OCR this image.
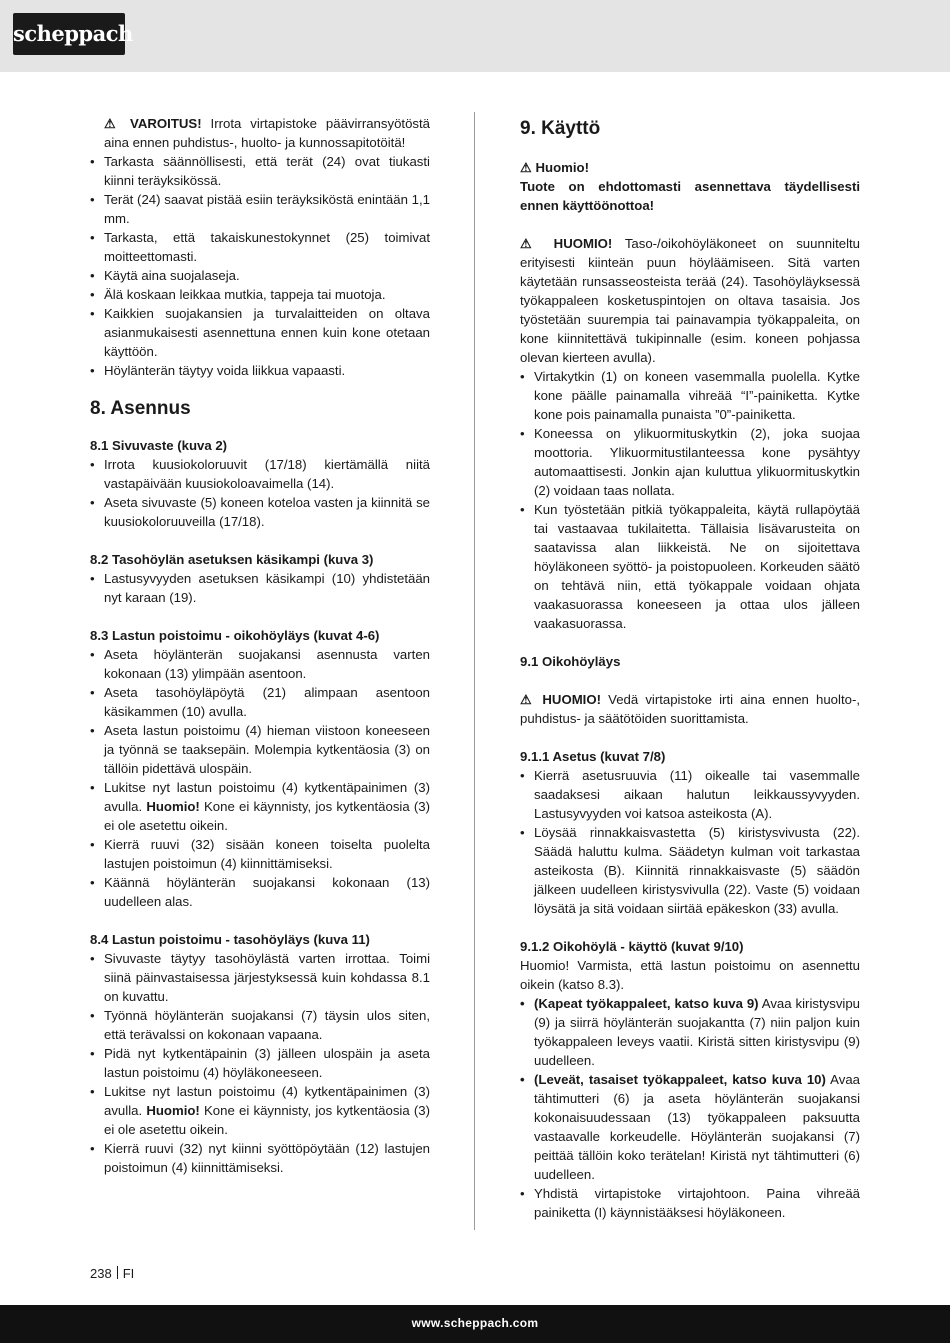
scheppach

⚠ VAROITUS! Irrota virtapistoke päävirransyötöstä aina ennen puhdistus-, huolto- ja kunnossapitotöitä!

• Tarkasta säännöllisesti, että terät (24) ovat tiukasti kiinni teräyksikössä.
• Terät (24) saavat pistää esiin teräyksiköstä enintään 1,1 mm.
• Tarkasta, että takaiskunestokynnet (25) toimivat moitteettomasti.
• Käytä aina suojalaseja.
• Älä koskaan leikkaa mutkia, tappeja tai muotoja.
• Kaikkien suojakansien ja turvalaitteiden on oltava asianmukaisesti asennettuna ennen kuin kone otetaan käyttöön.
• Höylänterän täytyy voida liikkua vapaasti.
8. Asennus

8.1 Sivuvaste (kuva 2)

• Irrota kuusiokoloruuvit (17/18) kiertämällä niitä vastapäivään kuusiokoloavaimella (14).
• Aseta sivuvaste (5) koneen koteloa vasten ja kiinnitä se kuusiokoloruuveilla (17/18).

8.2 Tasohöylän asetuksen käsikampi (kuva 3)

• Lastusyvyyden asetuksen käsikampi (10) yhdistetään nyt karaan (19).

8.3 Lastun poistoimu - oikohöyläys (kuvat 4-6)

• Aseta höylänterän suojakansi asennusta varten kokonaan (13) ylimpään asentoon.
• Aseta tasohöyläpöytä (21) alimpaan asentoon käsikammen (10) avulla.
• Aseta lastun poistoimu (4) hieman viistoon koneeseen ja työnnä se taaksepäin. Molempia kytkentäosia (3) on tällöin pidettävä ulospäin.
• Lukitse nyt lastun poistoimu (4) kytkentäpainimen (3) avulla. Huomio! Kone ei käynnisty, jos kytkentäosia (3) ei ole asetettu oikein.
• Kierrä ruuvi (32) sisään koneen toiselta puolelta lastujen poistoimun (4) kiinnittämiseksi.
• Käännä höylänterän suojakansi kokonaan (13) uudelleen alas.

8.4 Lastun poistoimu - tasohöyläys (kuva 11)

• Sivuvaste täytyy tasohöylästä varten irrottaa. Toimi siinä päinvastaisessa järjestyksessä kuin kohdassa 8.1 on kuvattu.
• Työnnä höylänterän suojakansi (7) täysin ulos siten, että terävalssi on kokonaan vapaana.
• Pidä nyt kytkentäpainin (3) jälleen ulospäin ja aseta lastun poistoimu (4) höyläkoneeseen.
• Lukitse nyt lastun poistoimu (4) kytkentäpainimen (3) avulla. Huomio! Kone ei käynnisty, jos kytkentäosia (3) ei ole asetettu oikein.
• Kierrä ruuvi (32) nyt kiinni syöttöpöytään (12) lastujen poistoimun (4) kiinnittämiseksi.
9. Käyttö

⚠ Huomio!

Tuote on ehdottomasti asennettava täydellisesti ennen käyttöönottoa!

⚠ HUOMIO! Taso-/oikohöyläkoneet on suunniteltu erityisesti kiinteän puun höyläämiseen. Sitä varten käytetään runsasseosteista terää (24). Tasohöyläyksessä työkappaleen kosketuspintojen on oltava tasaisia. Jos työstetään suurempia tai painavampia työkappaleita, on kone kiinnitettävä tukipinnalle (esim. koneen pohjassa olevan kierteen avulla).

• Virtakytkin (1) on koneen vasemmalla puolella. Kytke kone päälle painamalla vihreää “I”-painiketta. Kytke kone pois painamalla punaista ”0”-painiketta.
• Koneessa on ylikuormituskytkin (2), joka suojaa moottoria. Ylikuormitustilanteessa kone pysähtyy automaattisesti. Jonkin ajan kuluttua ylikuormituskytkin (2) voidaan taas nollata.
• Kun työstetään pitkiä työkappaleita, käytä rullapöytää tai vastaavaa tukilaitetta. Tällaisia lisävarusteita on saatavissa alan liikkeistä. Ne on sijoitettava höyläkoneen syöttö- ja poistopuoleen. Korkeuden säätö on tehtävä niin, että työkappale voidaan ohjata vaakasuorassa koneeseen ja ottaa ulos jälleen vaakasuorassa.

9.1 Oikohöyläys

⚠ HUOMIO! Vedä virtapistoke irti aina ennen huolto-, puhdistus- ja säätötöiden suorittamista.

9.1.1 Asetus (kuvat 7/8)

• Kierrä asetusruuvia (11) oikealle tai vasemmalle saadaksesi aikaan halutun leikkaussyvyyden. Lastusyvyyden voi katsoa asteikosta (A).
• Löysää rinnakkaisvastetta (5) kiristysvivusta (22). Säädä haluttu kulma. Säädetyn kulman voit tarkastaa asteikosta (B). Kiinnitä rinnakkaisvaste (5) säädön jälkeen uudelleen kiristysvivulla (22). Vaste (5) voidaan löysätä ja sitä voidaan siirtää epäkeskon (33) avulla.

9.1.2 Oikohöylä - käyttö (kuvat 9/10)

Huomio! Varmista, että lastun poistoimu on asennettu oikein (katso 8.3).

• (Kapeat työkappaleet, katso kuva 9) Avaa kiristysvipu (9) ja siirrä höylänterän suojakantta (7) niin paljon kuin työkappaleen leveys vaatii. Kiristä sitten kiristysvipu (9) uudelleen.
• (Leveät, tasaiset työkappaleet, katso kuva 10) Avaa tähtimutteri (6) ja aseta höylänterän suojakansi kokonaisuudessaan (13) työkappaleen paksuutta vastaavalle korkeudelle. Höylänterän suojakansi (7) peittää tällöin koko terätelan! Kiristä nyt tähtimutteri (6) uudelleen.
• Yhdistä virtapistoke virtajohtoon. Paina vihreää painiketta (I) käynnistääksesi höyläkoneen.
238 FI
www.scheppach.com
